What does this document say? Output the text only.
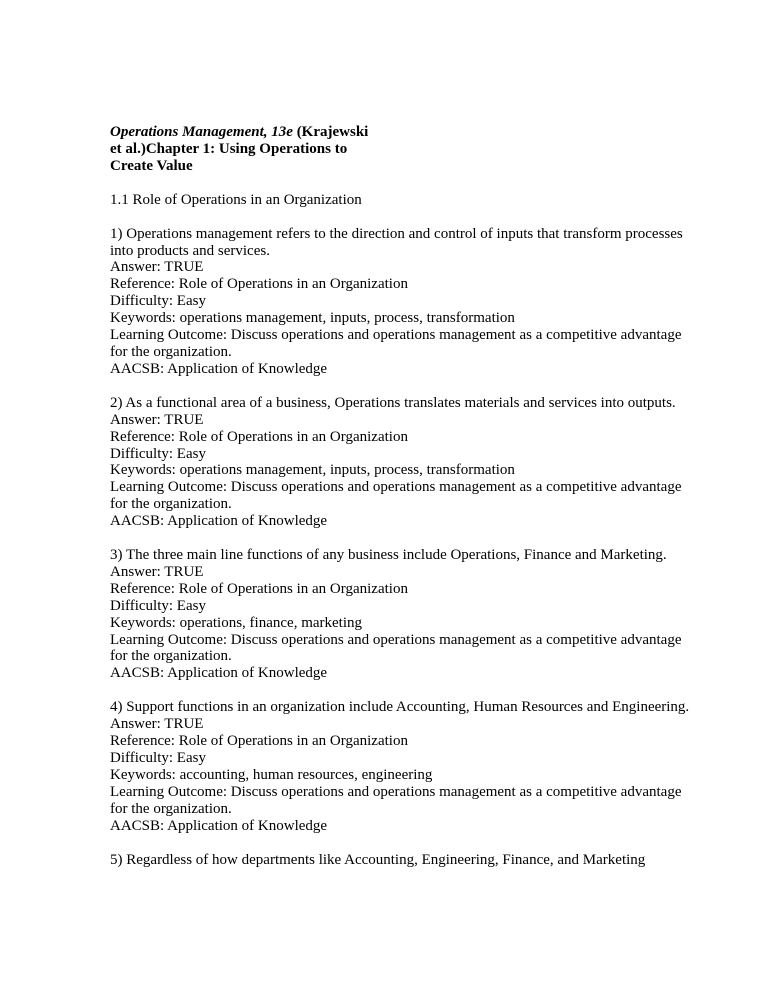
Operations Management, 13e (Krajewski et al.)Chapter 1: Using Operations to Create Value

1.1 Role of Operations in an Organization
1) Operations management refers to the direction and control of inputs that transform processes into products and services.
Answer: TRUE
Reference: Role of Operations in an Organization
Difficulty: Easy
Keywords: operations management, inputs, process, transformation
Learning Outcome: Discuss operations and operations management as a competitive advantage for the organization.
AACSB: Application of Knowledge
2) As a functional area of a business, Operations translates materials and services into outputs.
Answer: TRUE
Reference: Role of Operations in an Organization
Difficulty: Easy
Keywords: operations management, inputs, process, transformation
Learning Outcome: Discuss operations and operations management as a competitive advantage for the organization.
AACSB: Application of Knowledge
3) The three main line functions of any business include Operations, Finance and Marketing.
Answer: TRUE
Reference: Role of Operations in an Organization
Difficulty: Easy
Keywords: operations, finance, marketing
Learning Outcome: Discuss operations and operations management as a competitive advantage for the organization.
AACSB: Application of Knowledge
4) Support functions in an organization include Accounting, Human Resources and Engineering.
Answer: TRUE
Reference: Role of Operations in an Organization
Difficulty: Easy
Keywords: accounting, human resources, engineering
Learning Outcome: Discuss operations and operations management as a competitive advantage for the organization.
AACSB: Application of Knowledge
5) Regardless of how departments like Accounting, Engineering, Finance, and Marketing
